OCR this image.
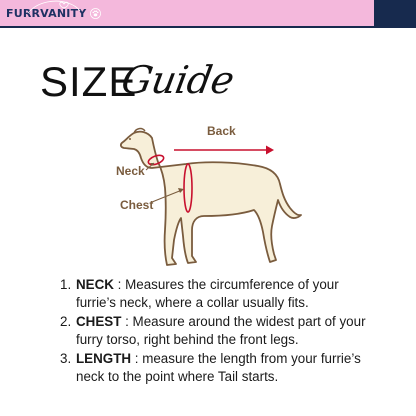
FURRVANITY
SIZE
Guide
Back
Neck
Chest
1. NECK : Measures the circumference of your furrie’s neck, where a collar usually fits.
2. CHEST : Measure around the widest part of your furry torso, right behind the front legs.
3. LENGTH : measure the length from your furrie’s neck to the point where Tail starts.
